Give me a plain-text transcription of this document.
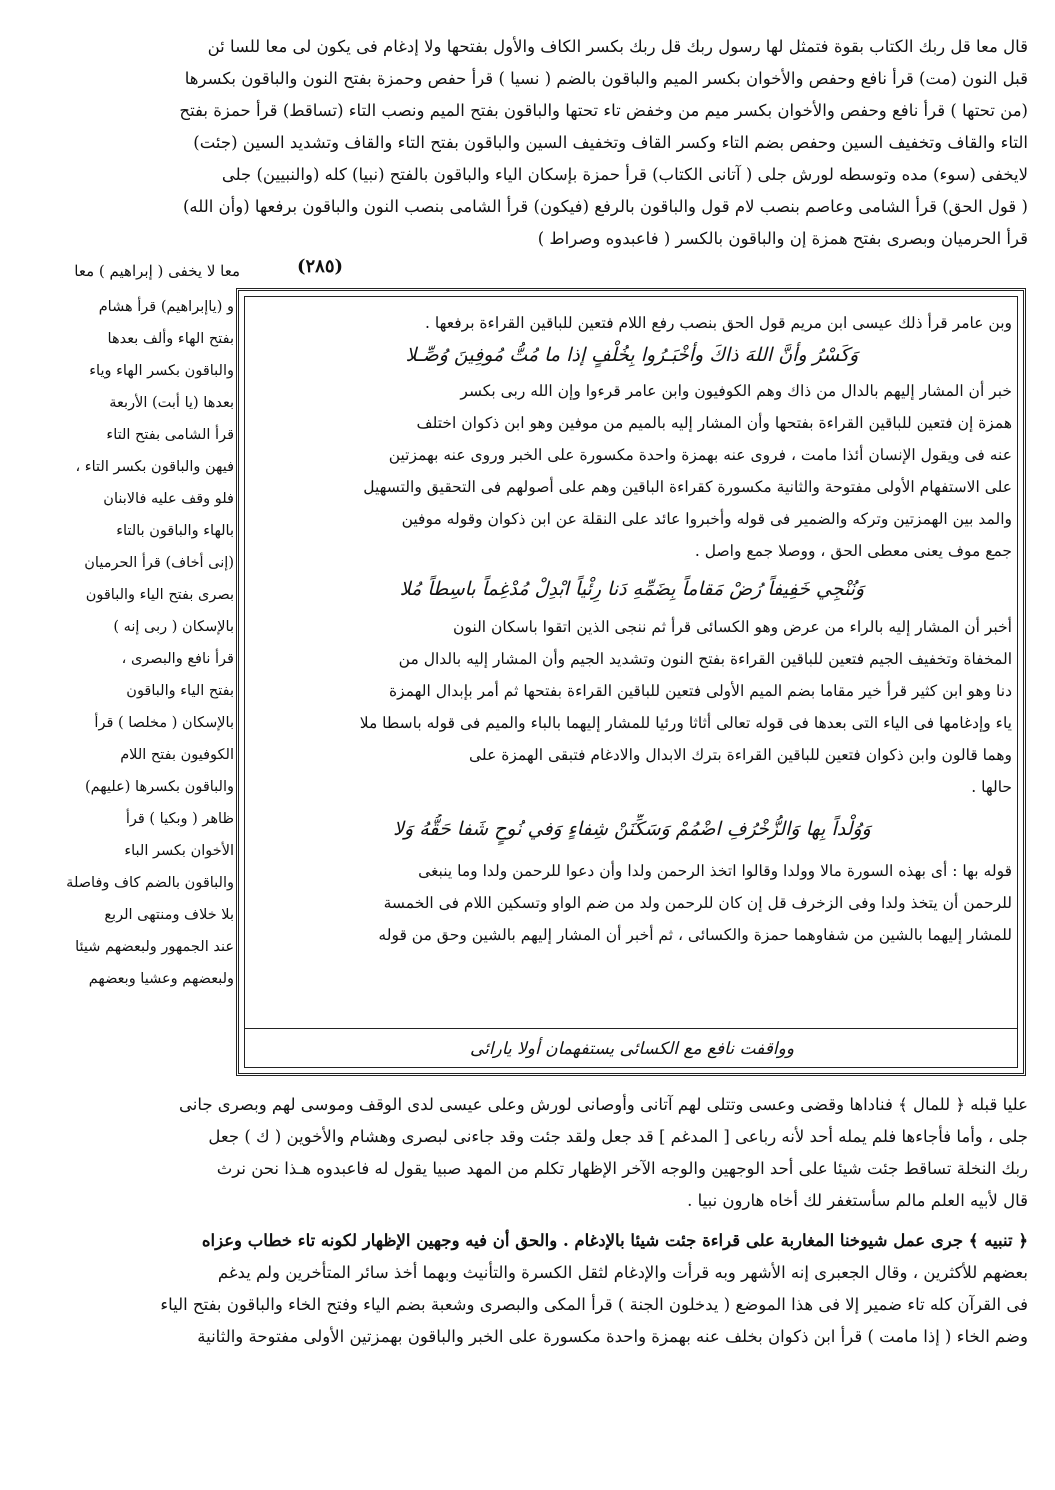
قال معا قل ربك الكتاب بقوة فتمثل لها رسول ربك قل ربك بكسر الكاف والأول بفتحها ولا إدغام فى يكون لى معا للسا ئن
قبل النون (مت) قرأ نافع وحفص والأخوان بكسر الميم والباقون بالضم ( نسيا ) قرأ حفص وحمزة بفتح النون والباقون بكسرها
(من تحتها ) قرأ نافع وحفص والأخوان بكسر ميم من وخفض تاء تحتها والباقون بفتح الميم ونصب التاء (تساقط) قرأ حمزة بفتح
التاء والقاف وتخفيف السين وحفص بضم التاء وكسر القاف وتخفيف السين والباقون بفتح التاء والقاف وتشديد السين (جئت)
لايخفى (سوء) مده وتوسطه لورش جلى ( آتانى الكتاب) قرأ حمزة بإسكان الياء والباقون بالفتح (نبيا) كله (والنبيين) جلى
( قول الحق) قرأ الشامى وعاصم بنصب لام قول والباقون بالرفع (فيكون) قرأ الشامى بنصب النون والباقون برفعها (وأن الله)
قرأ الحرميان وبصرى بفتح همزة إن والباقون بالكسر ( فاعبدوه وصراط )
(٢٨٥)
معا لا يخفى ( إبراهيم ) معا
و (ياإبراهيم) قرأ هشام
بفتح الهاء وألف بعدها
والباقون بكسر الهاء وياء
بعدها (يا أبت) الأربعة
قرأ الشامى بفتح التاء
فيهن والباقون بكسر التاء ،
فلو وقف عليه فالابنان
بالهاء والباقون بالتاء
(إنى أخاف) قرأ الحرميان
بصرى بفتح الياء والباقون
بالإسكان ( ربى إنه )
قرأ نافع والبصرى ،
بفتح الياء والباقون
بالإسكان ( مخلصا ) قرأ
الكوفيون بفتح اللام
والباقون بكسرها (عليهم)
ظاهر ( وبكيا ) قرأ
الأخوان بكسر الباء
والباقون بالضم كاف وفاصلة
بلا خلاف ومنتهى الربع
عند الجمهور ولبعضهم شيئا
ولبعضهم وعشيا وبعضهم
وبن عامر قرأ ذلك عيسى ابن مريم قول الحق بنصب رفع اللام فتعين للباقين القراءة برفعها .
وَكَسْرُ وأنَّ اللهَ ذاكَ وأخْبَـرُوا بِخُلْفٍ إذا ما مُتُّ مُوفِينَ وُصِّـلا
خبر أن المشار إليهم بالدال من ذاك وهم الكوفيون وابن عامر قرءوا وإن الله ربى بكسر
همزة إن فتعين للباقين القراءة بفتحها وأن المشار إليه بالميم من موفين وهو ابن ذكوان اختلف
عنه فى ويقول الإنسان أئذا مامت ، فروى عنه بهمزة واحدة مكسورة على الخبر وروى عنه بهمزتين
على الاستفهام الأولى مفتوحة والثانية مكسورة كقراءة الباقين وهم على أصولهم فى التحقيق والتسهيل
والمد بين الهمزتين وتركه والضمير فى قوله وأخبروا عائد على النقلة عن ابن ذكوان وقوله موفين
جمع موف يعنى معطى الحق ، ووصلا جمع واصل .
وَنُنْجِي خَفِيفاً رُضْ مَقاماً بِضَمِّهِ دَنا رِئْياً ابْدِلْ مُدْغِماً باسِطاً مُلا
أخبر أن المشار إليه بالراء من عرض وهو الكسائى قرأ ثم ننجى الذين اتقوا باسكان النون
المخفاة وتخفيف الجيم فتعين للباقين القراءة بفتح النون وتشديد الجيم وأن المشار إليه بالدال من
دنا وهو ابن كثير قرأ خير مقاما بضم الميم الأولى فتعين للباقين القراءة بفتحها ثم أمر بإبدال الهمزة
ياء وإدغامها فى الياء التى بعدها فى قوله تعالى أثاثا ورئيا للمشار إليهما بالباء والميم فى قوله باسطا ملا
وهما قالون وابن ذكوان فتعين للباقين القراءة بترك الابدال والادغام فتبقى الهمزة على
حالها .
وَوُلْداً بِها وَالزُّخْرُفِ اضْمُمْ وَسَكِّنَنْ شِفاءٍ وَفي نُوحٍ شَفا حَقُّهُ وَلا
قوله بها : أى بهذه السورة مالا وولدا وقالوا اتخذ الرحمن ولدا وأن دعوا للرحمن ولدا وما ينبغى
للرحمن أن يتخذ ولدا وفى الزخرف قل إن كان للرحمن ولد من ضم الواو وتسكين اللام فى الخمسة
للمشار إليهما بالشين من شفاوهما حمزة والكسائى ، ثم أخبر أن المشار إليهم بالشين وحق من قوله
وواقفت نافع مع الكسائى يستفهمان أولا يارائى
عليا قبله ﴿ للمال ﴾ فناداها وقضى وعسى وتتلى لهم آتانى وأوصانى لورش وعلى عيسى لدى الوقف وموسى لهم وبصرى جانى
جلى ، وأما فأجاءها فلم يمله أحد لأنه رباعى [ المدغم ] قد جعل ولقد جئت وقد جاءنى لبصرى وهشام والأخوين ( ك ) جعل
ربك النخلة تساقط جئت شيئا على أحد الوجهين والوجه الآخر الإظهار تكلم من المهد صبيا يقول له فاعبدوه هـذا نحن نرث
قال لأبيه العلم مالم سأستغفر لك أخاه هارون نبيا .
﴿ تنبيه ﴾ جرى عمل شيوخنا المغاربة على قراءة جئت شيئا بالإدغام . والحق أن فيه وجهين الإظهار لكونه تاء خطاب وعزاه
بعضهم للأكثرين ، وقال الجعبرى إنه الأشهر وبه قرأت والإدغام لثقل الكسرة والتأنيث وبهما أخذ سائر المتأخرين ولم يدغم
فى القرآن كله تاء ضمير إلا فى هذا الموضع ( يدخلون الجنة ) قرأ المكى والبصرى وشعبة بضم الياء وفتح الخاء والباقون بفتح الياء
وضم الخاء ( إذا مامت ) قرأ ابن ذكوان بخلف عنه بهمزة واحدة مكسورة على الخبر والباقون بهمزتين الأولى مفتوحة والثانية
